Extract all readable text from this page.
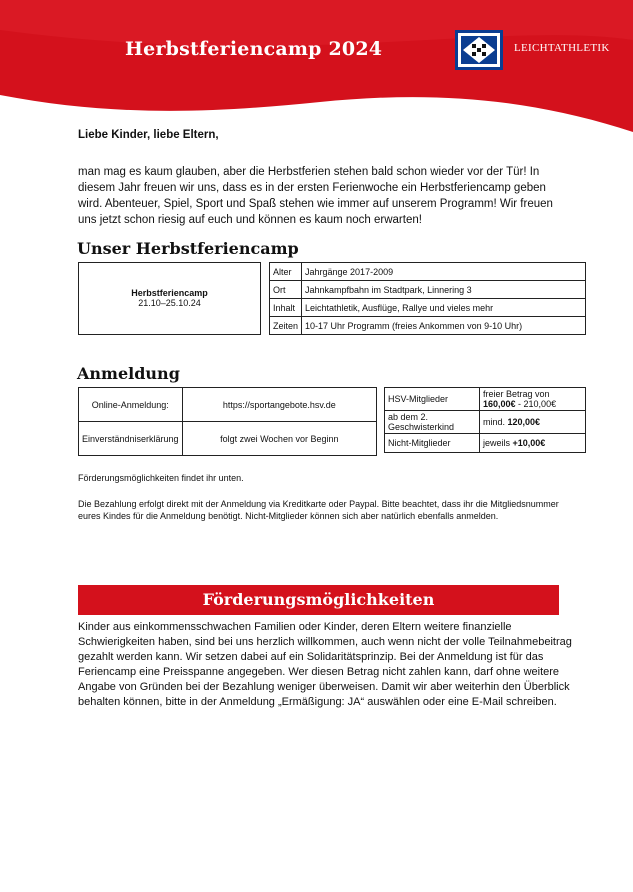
Herbstferiencamp 2024	LEICHTATHLETIK
Liebe Kinder, liebe Eltern,
man mag es kaum glauben, aber die Herbstferien stehen bald schon wieder vor der Tür! In diesem Jahr freuen wir uns, dass es in der ersten Ferienwoche ein Herbstferiencamp geben wird. Abenteuer, Spiel, Sport und Spaß stehen wie immer auf unserem Programm! Wir freuen uns jetzt schon riesig auf euch und können es kaum noch erwarten!
Unser Herbstferiencamp
Herbstferiencamp
21.10–25.10.24
Alter	Jahrgänge 2017-2009
Ort	Jahnkampfbahn im Stadtpark, Linnering 3
Inhalt	Leichtathletik, Ausflüge, Rallye und vieles mehr
Zeiten	10-17 Uhr Programm (freies Ankommen von 9-10 Uhr)
Anmeldung
Online-Anmeldung:	https://sportangebote.hsv.de
Einverständniserklärung	folgt zwei Wochen vor Beginn
HSV-Mitglieder	freier Betrag von
160,00€ - 210,00€
ab dem 2. Geschwisterkind	mind. 120,00€
Nicht-Mitglieder	jeweils +10,00€
Förderungsmöglichkeiten findet ihr unten.
Die Bezahlung erfolgt direkt mit der Anmeldung via Kreditkarte oder Paypal. Bitte beachtet, dass ihr die Mitgliedsnummer eures Kindes für die Anmeldung benötigt. Nicht-Mitglieder können sich aber natürlich ebenfalls anmelden.
Förderungsmöglichkeiten
Kinder aus einkommensschwachen Familien oder Kinder, deren Eltern weitere finanzielle Schwierigkeiten haben, sind bei uns herzlich willkommen, auch wenn nicht der volle Teilnahmebeitrag gezahlt werden kann. Wir setzen dabei auf ein Solidaritätsprinzip. Bei der Anmeldung ist für das Feriencamp eine Preisspanne angegeben. Wer diesen Betrag nicht zahlen kann, darf ohne weitere Angabe von Gründen bei der Bezahlung weniger überweisen. Damit wir aber weiterhin den Überblick behalten können, bitte in der Anmeldung „Ermäßigung: JA“ auswählen oder eine E-Mail schreiben.
